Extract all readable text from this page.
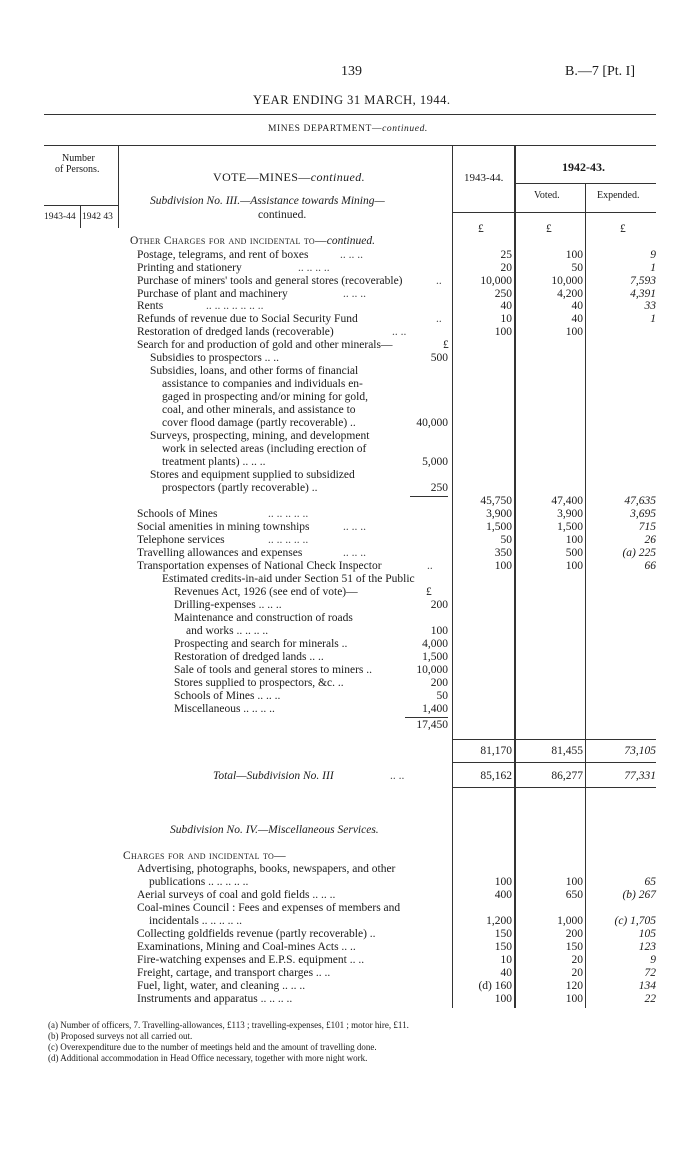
139	B.—7 [Pt. I]
YEAR ENDING 31 MARCH, 1944.
MINES DEPARTMENT—continued.
Number
of Persons.
1943-44 1942 43
VOTE—MINES—continued.
Subdivision No. III.—Assistance towards Mining—
continued.
1943-44.
1942-43.
Voted.	Expended.
£	£	£
Other Charges for and incidental to—continued.
Postage, telegrams, and rent of boxes	.. .. ..	25	100	9
Printing and stationery	.. .. .. ..	20	50	1
Purchase of miners' tools and general stores (recoverable)	..	10,000	10,000	7,593
Purchase of plant and machinery	.. .. ..	250	4,200	4,391
Rents	.. .. .. .. .. .. ..	40	40	33
Refunds of revenue due to Social Security Fund	..	10	40	1
Restoration of dredged lands (recoverable)	.. ..	100	100
Search for and production of gold and other minerals—	£
Subsidies to prospectors .. ..	500
Subsidies, loans, and other forms of financial
assistance to companies and individuals en-
gaged in prospecting and/or mining for gold,
coal, and other minerals, and assistance to
cover flood damage (partly recoverable) ..	40,000
Surveys, prospecting, mining, and development
work in selected areas (including erection of
treatment plants) .. .. ..	5,000
Stores and equipment supplied to subsidized
prospectors (partly recoverable) ..	250
45,750	47,400	47,635
Schools of Mines	.. .. .. .. ..	3,900	3,900	3,695
Social amenities in mining townships	.. .. ..	1,500	1,500	715
Telephone services	.. .. .. .. ..	50	100	26
Travelling allowances and expenses	.. .. ..	350	500	(a) 225
Transportation expenses of National Check Inspector	..	100	100	66
Estimated credits-in-aid under Section 51 of the Public
Revenues Act, 1926 (see end of vote)—	£
Drilling-expenses .. .. ..	200
Maintenance and construction of roads
and works .. .. .. ..	100
Prospecting and search for minerals ..	4,000
Restoration of dredged lands .. ..	1,500
Sale of tools and general stores to miners ..	10,000
Stores supplied to prospectors, &c. ..	200
Schools of Mines .. .. ..	50
Miscellaneous .. .. .. ..	1,400
17,450
81,170	81,455	73,105
Total—Subdivision No. III	.. ..	85,162	86,277	77,331
Subdivision No. IV.—Miscellaneous Services.
Charges for and incidental to—
Advertising, photographs, books, newspapers, and other
publications .. .. .. .. ..	100	100	65
Aerial surveys of coal and gold fields .. .. ..	400	650	(b) 267
Coal-mines Council : Fees and expenses of members and
incidentals .. .. .. .. ..	1,200	1,000	(c) 1,705
Collecting goldfields revenue (partly recoverable) ..	150	200	105
Examinations, Mining and Coal-mines Acts .. ..	150	150	123
Fire-watching expenses and E.P.S. equipment .. ..	10	20	9
Freight, cartage, and transport charges .. ..	40	20	72
Fuel, light, water, and cleaning .. .. ..	(d) 160	120	134
Instruments and apparatus .. .. .. ..	100	100	22
(a) Number of officers, 7. Travelling-allowances, £113 ; travelling-expenses, £101 ; motor hire, £11.
(b) Proposed surveys not all carried out.
(c) Overexpenditure due to the number of meetings held and the amount of travelling done.
(d) Additional accommodation in Head Office necessary, together with more night work.
